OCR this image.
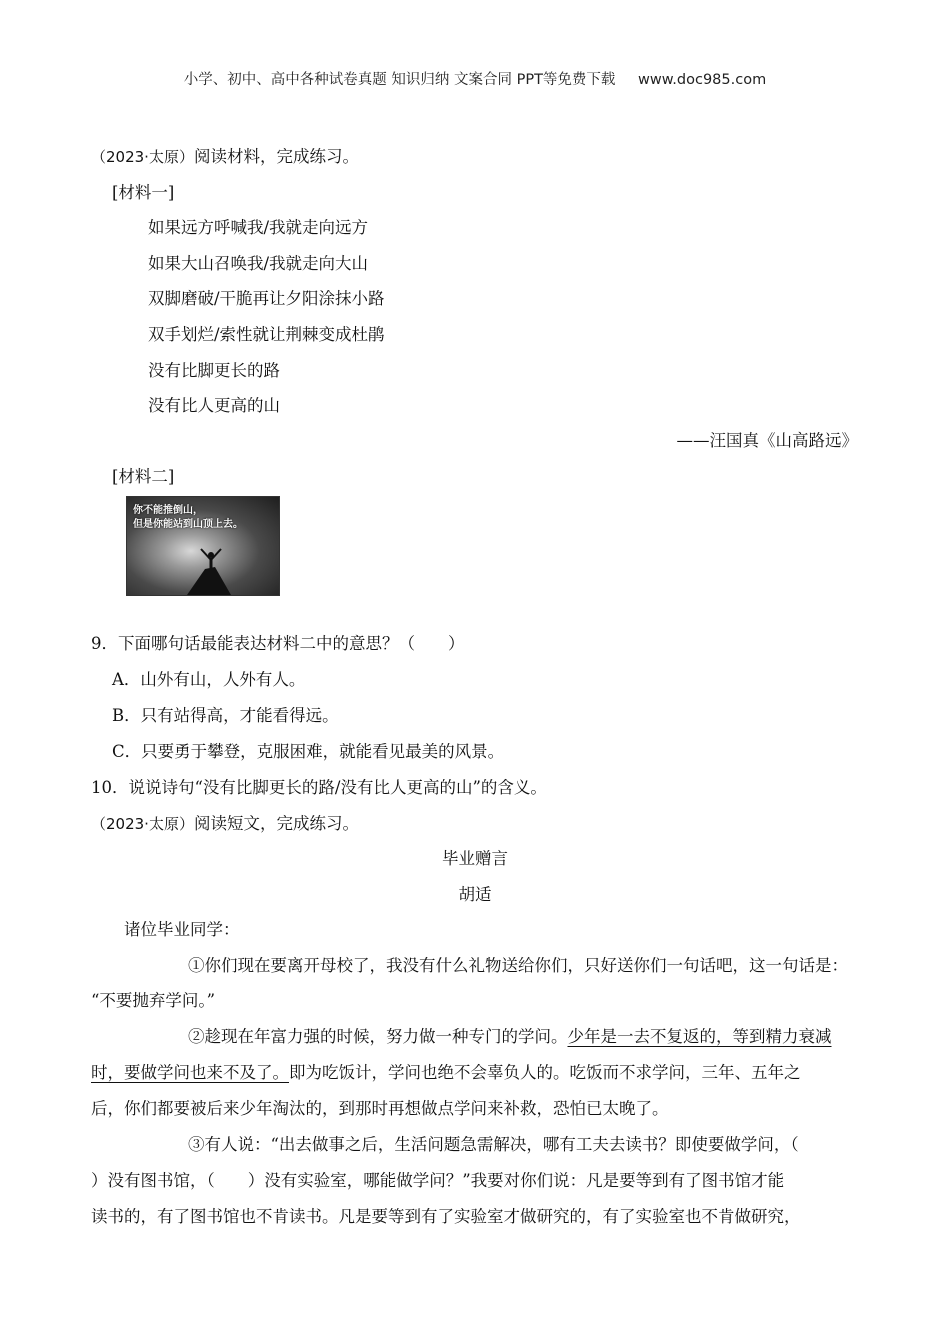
小学、初中、高中各种试卷真题 知识归纳 文案合同 PPT等免费下载 www.doc985.com
（2023·太原）阅读材料，完成练习。
[材料一]
如果远方呼喊我/我就走向远方
如果大山召唤我/我就走向大山
双脚磨破/干脆再让夕阳涂抹小路
双手划烂/索性就让荆棘变成杜鹃
没有比脚更长的路
没有比人更高的山
——汪国真《山高路远》
[材料二]
你不能推倒山，
但是你能站到山顶上去。
9．下面哪句话最能表达材料二中的意思？（　　）
A．山外有山，人外有人。
B．只有站得高，才能看得远。
C．只要勇于攀登，克服困难，就能看见最美的风景。
10．说说诗句“没有比脚更长的路/没有比人更高的山”的含义。
（2023·太原）阅读短文，完成练习。
毕业赠言
胡适
诸位毕业同学：
①你们现在要离开母校了，我没有什么礼物送给你们，只好送你们一句话吧，这一句话是：
“不要抛弃学问。”
②趁现在年富力强的时候，努力做一种专门的学问。少年是一去不复返的，等到精力衰减
时，要做学问也来不及了。即为吃饭计，学问也绝不会辜负人的。吃饭而不求学问，三年、五年之
后，你们都要被后来少年淘汰的，到那时再想做点学问来补救，恐怕已太晚了。
③有人说：“出去做事之后，生活问题急需解决，哪有工夫去读书？即使要做学问，（
）没有图书馆，（　　）没有实验室，哪能做学问？”我要对你们说：凡是要等到有了图书馆才能
读书的，有了图书馆也不肯读书。凡是要等到有了实验室才做研究的，有了实验室也不肯做研究，
